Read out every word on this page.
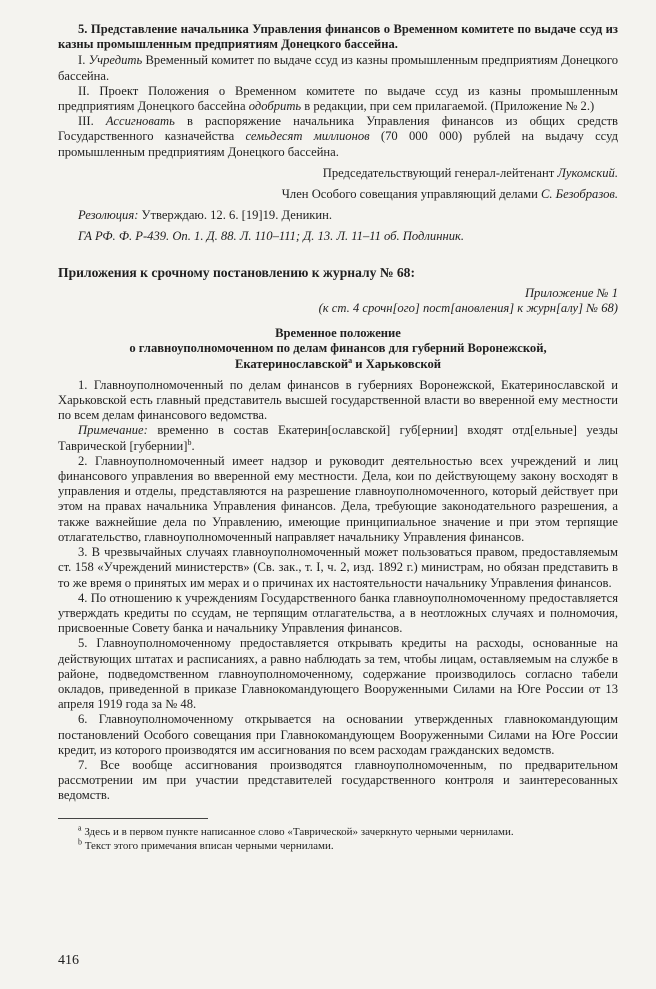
5. Представление начальника Управления финансов о Временном комитете по выдаче ссуд из казны промышленным предприятиям Донецкого бассейна.

I. Учредить Временный комитет по выдаче ссуд из казны промышленным предприятиям Донецкого бассейна.

II. Проект Положения о Временном комитете по выдаче ссуд из казны промышленным предприятиям Донецкого бассейна одобрить в редакции, при сем прилагаемой. (Приложение № 2.)

III. Ассигновать в распоряжение начальника Управления финансов из общих средств Государственного казначейства семьдесят миллионов (70 000 000) рублей на выдачу ссуд промышленным предприятиям Донецкого бассейна.

Председательствующий генерал-лейтенант Лукомский.

Член Особого совещания управляющий делами С. Безобразов.

Резолюция: Утверждаю. 12. 6. [19]19. Деникин.

ГА РФ. Ф. Р-439. Оп. 1. Д. 88. Л. 110–111; Д. 13. Л. 11–11 об. Подлинник.

Приложения к срочному постановлению к журналу № 68:

Приложение № 1

(к ст. 4 срочн[ого] пост[ановления] к журн[алу] № 68)

Временное положение

о главноуполномоченном по делам финансов для губерний Воронежской,

Екатеринославской$^a$ и Харьковской

1. Главноуполномоченный по делам финансов в губерниях Воронежской, Екатеринославской и Харьковской есть главный представитель высшей государственной власти во вверенной ему местности по всем делам финансового ведомства.

Примечание: временно в состав Екатерин[ославской] губ[ернии] входят отд[ельные] уезды Таврической [губернии]$^b$.

2. Главноуполномоченный имеет надзор и руководит деятельностью всех учреждений и лиц финансового управления во вверенной ему местности. Дела, кои по действующему закону восходят в управления и отделы, представляются на разрешение главноуполномоченного, который действует при этом на правах начальника Управления финансов. Дела, требующие законодательного разрешения, а также важнейшие дела по Управлению, имеющие принципиальное значение и при этом терпящие отлагательство, главноуполномоченный направляет начальнику Управления финансов.

3. В чрезвычайных случаях главноуполномоченный может пользоваться правом, предоставляемым ст. 158 «Учреждений министерств» (Св. зак., т. I, ч. 2, изд. 1892 г.) министрам, но обязан представить в то же время о принятых им мерах и о причинах их настоятельности начальнику Управления финансов.

4. По отношению к учреждениям Государственного банка главноуполномоченному предоставляется утверждать кредиты по ссудам, не терпящим отлагательства, а в неотложных случаях и полномочия, присвоенные Совету банка и начальнику Управления финансов.

5. Главноуполномоченному предоставляется открывать кредиты на расходы, основанные на действующих штатах и расписаниях, а равно наблюдать за тем, чтобы лицам, оставляемым на службе в районе, подведомственном главноуполномоченному, содержание производилось согласно табели окладов, приведенной в приказе Главнокомандующего Вооруженными Силами на Юге России от 13 апреля 1919 года за № 48.

6. Главноуполномоченному открывается на основании утвержденных главнокомандующим постановлений Особого совещания при Главнокомандующем Вооруженными Силами на Юге России кредит, из которого производятся им ассигнования по всем расходам гражданских ведомств.

7. Все вообще ассигнования производятся главноуполномоченным, по предварительном рассмотрении им при участии представителей государственного контроля и заинтересованных ведомств.

$^a$ Здесь и в первом пункте написанное слово «Таврической» зачеркнуто черными чернилами.

$^b$ Текст этого примечания вписан черными чернилами.

416
